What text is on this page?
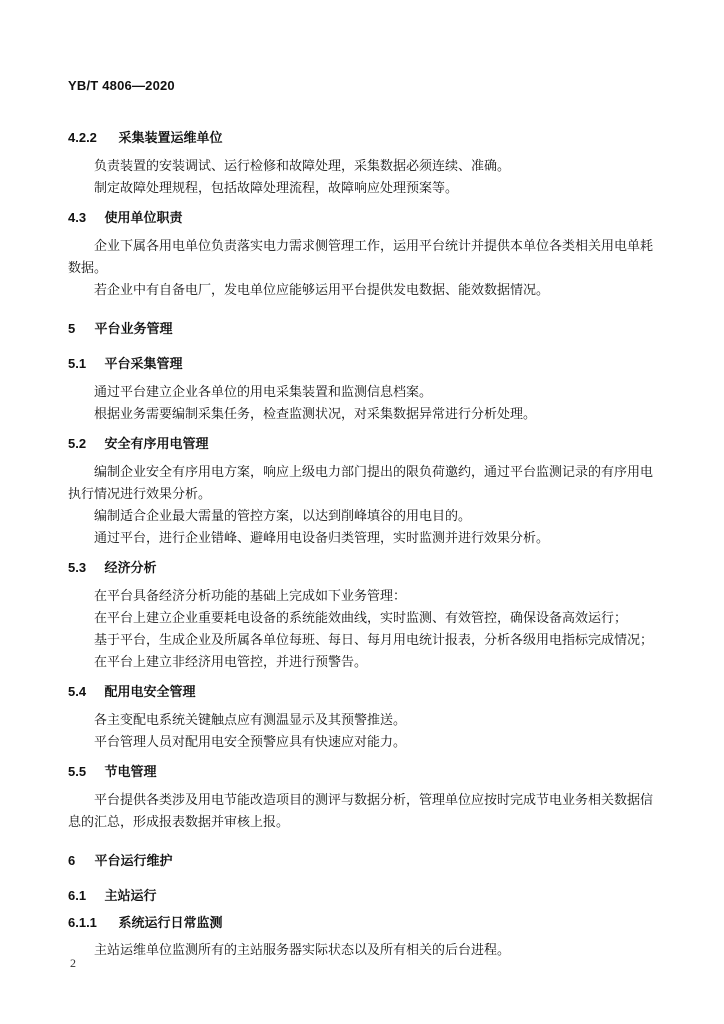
YB/T 4806—2020
4.2.2 采集装置运维单位
负责装置的安装调试、运行检修和故障处理，采集数据必须连续、准确。
制定故障处理规程，包括故障处理流程，故障响应处理预案等。
4.3 使用单位职责
企业下属各用电单位负责落实电力需求侧管理工作，运用平台统计并提供本单位各类相关用电单耗
数据。
若企业中有自备电厂，发电单位应能够运用平台提供发电数据、能效数据情况。
5 平台业务管理
5.1 平台采集管理
通过平台建立企业各单位的用电采集装置和监测信息档案。
根据业务需要编制采集任务，检查监测状况，对采集数据异常进行分析处理。
5.2 安全有序用电管理
编制企业安全有序用电方案，响应上级电力部门提出的限负荷邀约，通过平台监测记录的有序用电
执行情况进行效果分析。
编制适合企业最大需量的管控方案，以达到削峰填谷的用电目的。
通过平台，进行企业错峰、避峰用电设备归类管理，实时监测并进行效果分析。
5.3 经济分析
在平台具备经济分析功能的基础上完成如下业务管理：
在平台上建立企业重要耗电设备的系统能效曲线，实时监测、有效管控，确保设备高效运行；
基于平台，生成企业及所属各单位每班、每日、每月用电统计报表，分析各级用电指标完成情况；
在平台上建立非经济用电管控，并进行预警告。
5.4 配用电安全管理
各主变配电系统关键触点应有测温显示及其预警推送。
平台管理人员对配用电安全预警应具有快速应对能力。
5.5 节电管理
平台提供各类涉及用电节能改造项目的测评与数据分析，管理单位应按时完成节电业务相关数据信
息的汇总，形成报表数据并审核上报。
6 平台运行维护
6.1 主站运行
6.1.1 系统运行日常监测
主站运维单位监测所有的主站服务器实际状态以及所有相关的后台进程。
2
